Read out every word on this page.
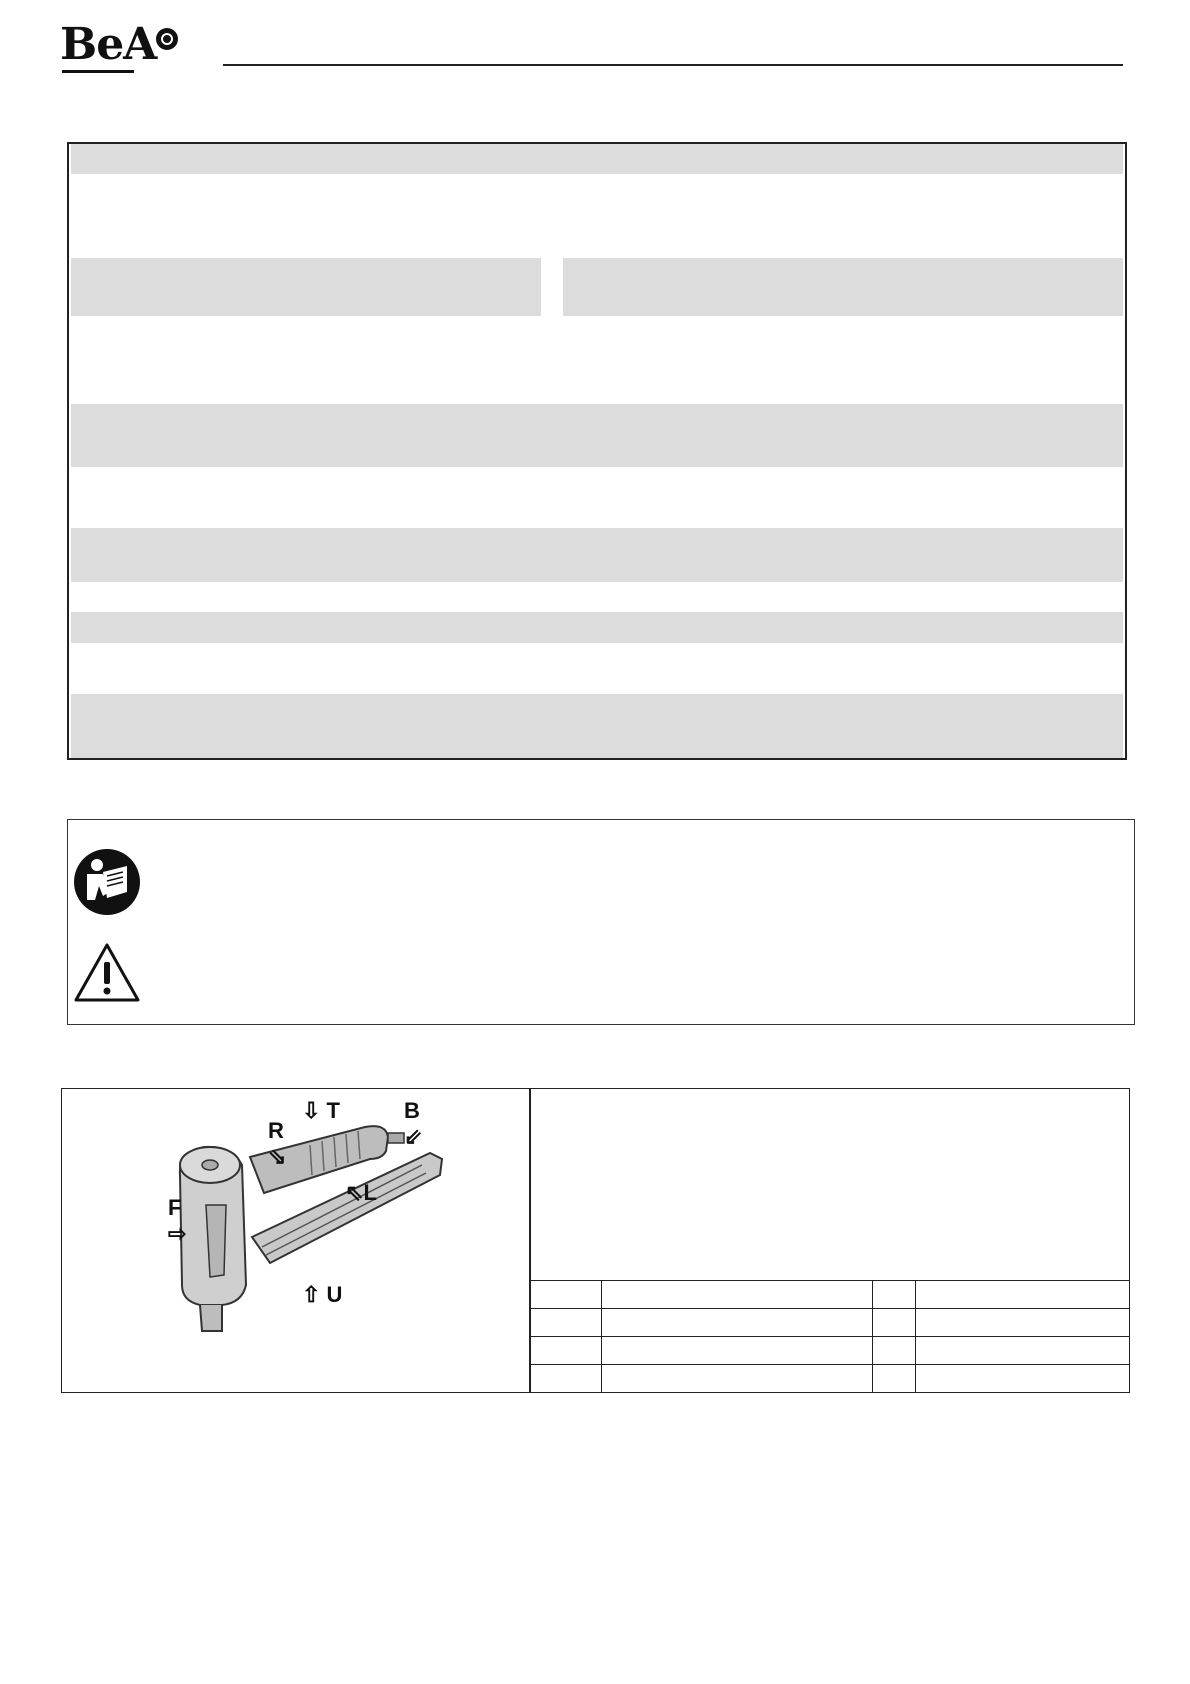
BeA
⇩ T	B
⇙
R
⇘
F
⇨
⇖L
⇧ U
